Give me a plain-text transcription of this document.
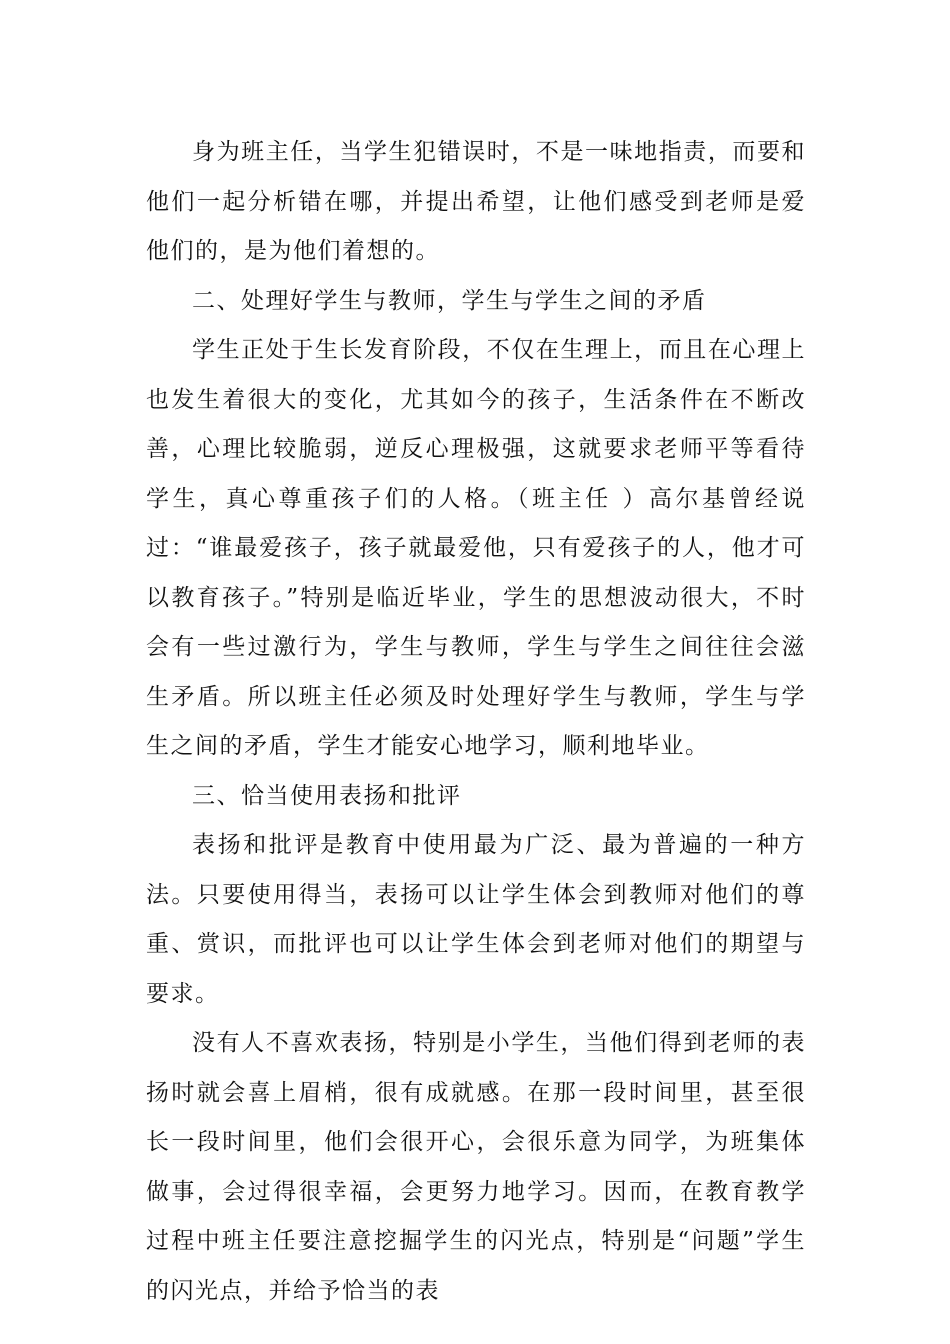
身为班主任，当学生犯错误时，不是一味地指责，而要和他们一起分析错在哪，并提出希望，让他们感受到老师是爱他们的，是为他们着想的。

二、处理好学生与教师，学生与学生之间的矛盾

学生正处于生长发育阶段，不仅在生理上，而且在心理上也发生着很大的变化，尤其如今的孩子，生活条件在不断改善，心理比较脆弱，逆反心理极强，这就要求老师平等看待学生，真心尊重孩子们的人格。（班主任 ）高尔基曾经说过：“谁最爱孩子，孩子就最爱他，只有爱孩子的人，他才可以教育孩子。”特别是临近毕业，学生的思想波动很大，不时会有一些过激行为，学生与教师，学生与学生之间往往会滋生矛盾。所以班主任必须及时处理好学生与教师，学生与学生之间的矛盾，学生才能安心地学习，顺利地毕业。

三、恰当使用表扬和批评

表扬和批评是教育中使用最为广泛、最为普遍的一种方法。只要使用得当，表扬可以让学生体会到教师对他们的尊重、赏识，而批评也可以让学生体会到老师对他们的期望与要求。

没有人不喜欢表扬，特别是小学生，当他们得到老师的表扬时就会喜上眉梢，很有成就感。在那一段时间里，甚至很长一段时间里，他们会很开心，会很乐意为同学，为班集体做事，会过得很幸福，会更努力地学习。因而，在教育教学过程中班主任要注意挖掘学生的闪光点，特别是“问题”学生的闪光点，并给予恰当的表
